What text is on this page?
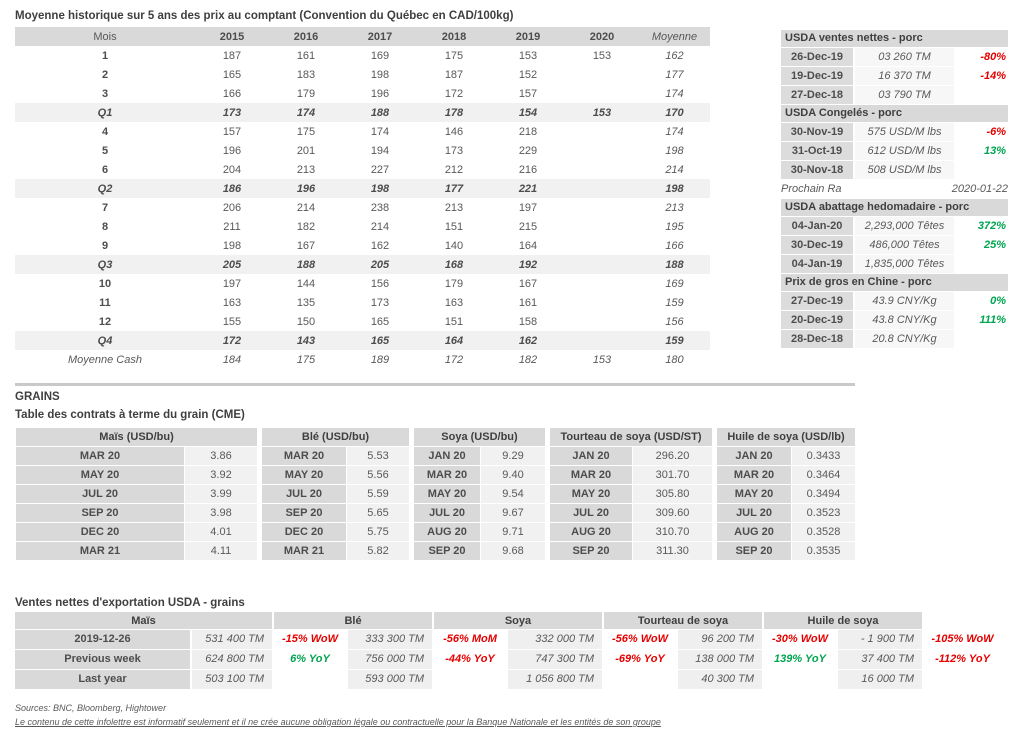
Moyenne historique sur 5 ans des prix au comptant (Convention du Québec en CAD/100kg)
Mois	2015	2016	2017	2018	2019	2020	Moyenne
1	187	161	169	175	153	153	162
2	165	183	198	187	152		177
3	166	179	196	172	157		174
Q1	173	174	188	178	154	153	170
4	157	175	174	146	218		174
5	196	201	194	173	229		198
6	204	213	227	212	216		214
Q2	186	196	198	177	221		198
7	206	214	238	213	197		213
8	211	182	214	151	215		195
9	198	167	162	140	164		166
Q3	205	188	205	168	192		188
10	197	144	156	179	167		169
11	163	135	173	163	161		159
12	155	150	165	151	158		156
Q4	172	143	165	164	162		159
Moyenne Cash	184	175	189	172	182	153	180
USDA ventes nettes - porc
26-Dec-19	03 260 TM	-80%
19-Dec-19	16 370 TM	-14%
27-Dec-18	03 790 TM
USDA Congelés - porc
30-Nov-19	575 USD/M lbs	-6%
31-Oct-19	612 USD/M lbs	13%
30-Nov-18	508 USD/M lbs
Prochain Ra	2020-01-22
USDA abattage hedomadaire - porc
04-Jan-20	2,293,000 Têtes	372%
30-Dec-19	486,000 Têtes	25%
04-Jan-19	1,835,000 Têtes
Prix de gros en Chine - porc
27-Dec-19	43.9 CNY/Kg	0%
20-Dec-19	43.8 CNY/Kg	111%
28-Dec-18	20.8 CNY/Kg
GRAINS
Table des contrats à terme du grain (CME)
Maïs (USD/bu)	
MAR 20	3.86
MAY 20	3.92
JUL 20	3.99
SEP 20	3.98
DEC 20	4.01
MAR 21	4.11
Blé (USD/bu)	
MAR 20	5.53
MAY 20	5.56
JUL 20	5.59
SEP 20	5.65
DEC 20	5.75
MAR 21	5.82
Soya (USD/bu)	
JAN 20	9.29
MAR 20	9.40
MAY 20	9.54
JUL 20	9.67
AUG 20	9.71
SEP 20	9.68
Tourteau de soya (USD/ST)	
JAN 20	296.20
MAR 20	301.70
MAY 20	305.80
JUL 20	309.60
AUG 20	310.70
SEP 20	311.30
Huile de soya (USD/lb)	
JAN 20	0.3433
MAR 20	0.3464
MAY 20	0.3494
JUL 20	0.3523
AUG 20	0.3528
SEP 20	0.3535
Ventes nettes d'exportation USDA - grains
Maïs		Blé		Soya		Tourteau de soya		Huile de soya		
2019-12-26	531 400 TM	-15% WoW	333 300 TM	-56% MoM	332 000 TM	-56% WoW	96 200 TM	-30% WoW	- 1 900 TM	-105% WoW
Previous week	624 800 TM	6% YoY	756 000 TM	-44% YoY	747 300 TM	-69% YoY	138 000 TM	139% YoY	37 400 TM	-112% YoY
Last year	503 100 TM		593 000 TM		1 056 800 TM		40 300 TM		16 000 TM	
Sources: BNC, Bloomberg, Hightower
Le contenu de cette infolettre est informatif seulement et il ne crée aucune obligation légale ou contractuelle pour la Banque Nationale et les entités de son groupe
